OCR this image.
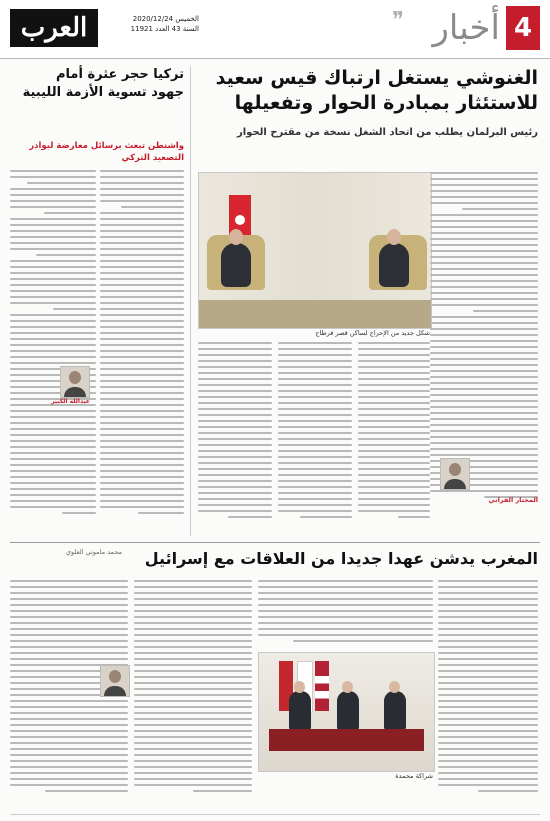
العرب	الخميس 2020/12/24
السنة 43 العدد 11921	❞ أخبار 4
الغنوشي يستغل ارتباك قيس سعيد
للاستئثار بمبادرة الحوار وتفعيلها
رئيس البرلمان يطلب من اتحاد الشغل نسخة من مقترح الحوار
تركيا حجر عثرة أمام
جهود تسوية الأزمة الليبية
واشنطن تبعث برسائل معارضة لبوادر التصعيد التركي
عبدالله الكبير
شكل جديد من الإحراج لساكن قصر قرطاج
المختار الفراتي
المغرب يدشن عهدا جديدا من العلاقات مع إسرائيل
محمد ماموني العلوي
شراكة محمدة
